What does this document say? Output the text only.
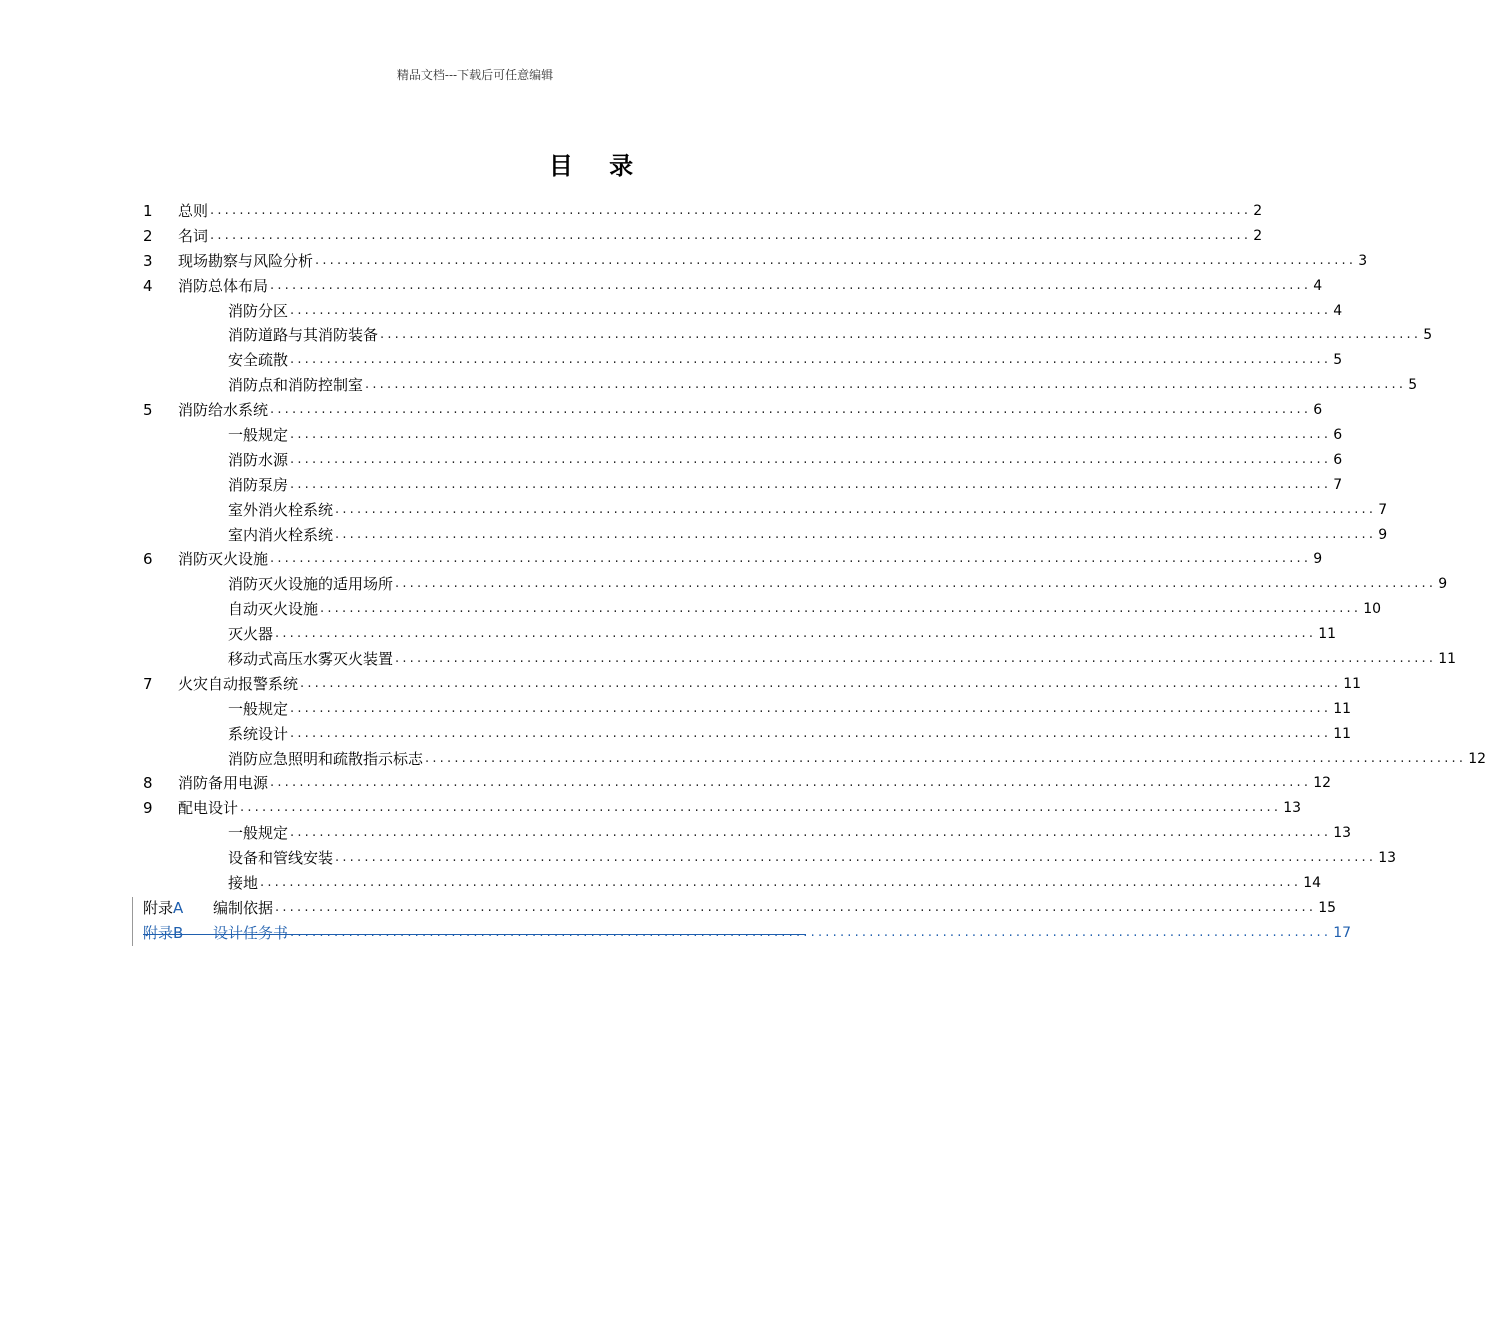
精品文档---下载后可任意编辑
目 录
1	总则 .............................................................................................................................................. 2
2	名词 .............................................................................................................................................. 2
3	现场勘察与风险分析 .............................................................................................................................................. 3
4	消防总体布局 .............................................................................................................................................. 4
消防分区 .............................................................................................................................................. 4
消防道路与其消防装备 .............................................................................................................................................. 5
安全疏散 .............................................................................................................................................. 5
消防点和消防控制室 .............................................................................................................................................. 5
5	消防给水系统 .............................................................................................................................................. 6
一般规定 .............................................................................................................................................. 6
消防水源 .............................................................................................................................................. 6
消防泵房 .............................................................................................................................................. 7
室外消火栓系统 .............................................................................................................................................. 7
室内消火栓系统 .............................................................................................................................................. 9
6	消防灭火设施 .............................................................................................................................................. 9
消防灭火设施的适用场所 .............................................................................................................................................. 9
自动灭火设施 .............................................................................................................................................. 10
灭火器 .............................................................................................................................................. 11
移动式高压水雾灭火装置 .............................................................................................................................................. 11
7	火灾自动报警系统 .............................................................................................................................................. 11
一般规定 .............................................................................................................................................. 11
系统设计 .............................................................................................................................................. 11
消防应急照明和疏散指示标志 .............................................................................................................................................. 12
8	消防备用电源 .............................................................................................................................................. 12
9	配电设计 .............................................................................................................................................. 13
一般规定 .............................................................................................................................................. 13
设备和管线安装 .............................................................................................................................................. 13
接地 .............................................................................................................................................. 14
附录A	编制依据 .............................................................................................................................................. 15
附录B	设计任务书 .............................................................................................................................................. 17
